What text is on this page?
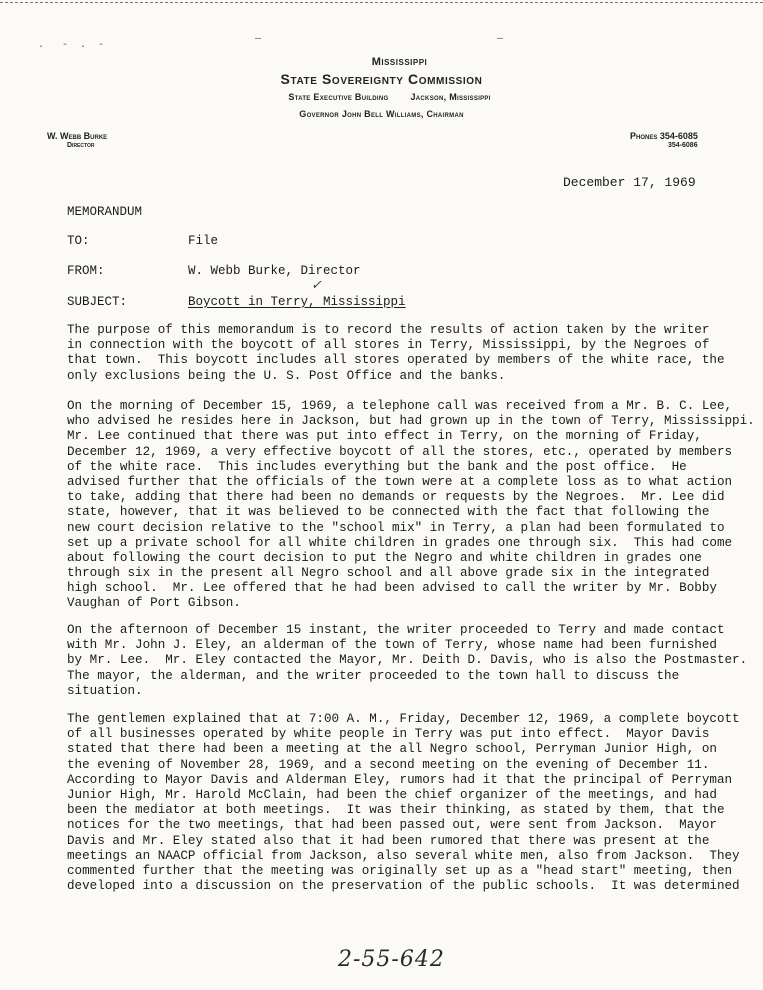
.   -  .  -
—	—
Mississippi
State Sovereignty Commission
State Executive Building Jackson, Mississippi
Governor John Bell Williams, Chairman
W. Webb Burke
Director
Phones 354-6085
354-6086
December 17, 1969
MEMORANDUM
TO:	File
FROM:	W. Webb Burke, Director
✓
SUBJECT:	Boycott in Terry, Mississippi
The purpose of this memorandum is to record the results of action taken by the writer
in connection with the boycott of all stores in Terry, Mississippi, by the Negroes of
that town.  This boycott includes all stores operated by members of the white race, the
only exclusions being the U. S. Post Office and the banks.
On the morning of December 15, 1969, a telephone call was received from a Mr. B. C. Lee,
who advised he resides here in Jackson, but had grown up in the town of Terry, Mississippi.
Mr. Lee continued that there was put into effect in Terry, on the morning of Friday,
December 12, 1969, a very effective boycott of all the stores, etc., operated by members
of the white race.  This includes everything but the bank and the post office.  He
advised further that the officials of the town were at a complete loss as to what action
to take, adding that there had been no demands or requests by the Negroes.  Mr. Lee did
state, however, that it was believed to be connected with the fact that following the
new court decision relative to the "school mix" in Terry, a plan had been formulated to
set up a private school for all white children in grades one through six.  This had come
about following the court decision to put the Negro and white children in grades one
through six in the present all Negro school and all above grade six in the integrated
high school.  Mr. Lee offered that he had been advised to call the writer by Mr. Bobby
Vaughan of Port Gibson.
On the afternoon of December 15 instant, the writer proceeded to Terry and made contact
with Mr. John J. Eley, an alderman of the town of Terry, whose name had been furnished
by Mr. Lee.  Mr. Eley contacted the Mayor, Mr. Deith D. Davis, who is also the Postmaster.
The mayor, the alderman, and the writer proceeded to the town hall to discuss the
situation.
The gentlemen explained that at 7:00 A. M., Friday, December 12, 1969, a complete boycott
of all businesses operated by white people in Terry was put into effect.  Mayor Davis
stated that there had been a meeting at the all Negro school, Perryman Junior High, on
the evening of November 28, 1969, and a second meeting on the evening of December 11.
According to Mayor Davis and Alderman Eley, rumors had it that the principal of Perryman
Junior High, Mr. Harold McClain, had been the chief organizer of the meetings, and had
been the mediator at both meetings.  It was their thinking, as stated by them, that the
notices for the two meetings, that had been passed out, were sent from Jackson.  Mayor
Davis and Mr. Eley stated also that it had been rumored that there was present at the
meetings an NAACP official from Jackson, also several white men, also from Jackson.  They
commented further that the meeting was originally set up as a "head start" meeting, then
developed into a discussion on the preservation of the public schools.  It was determined
2-55-642
